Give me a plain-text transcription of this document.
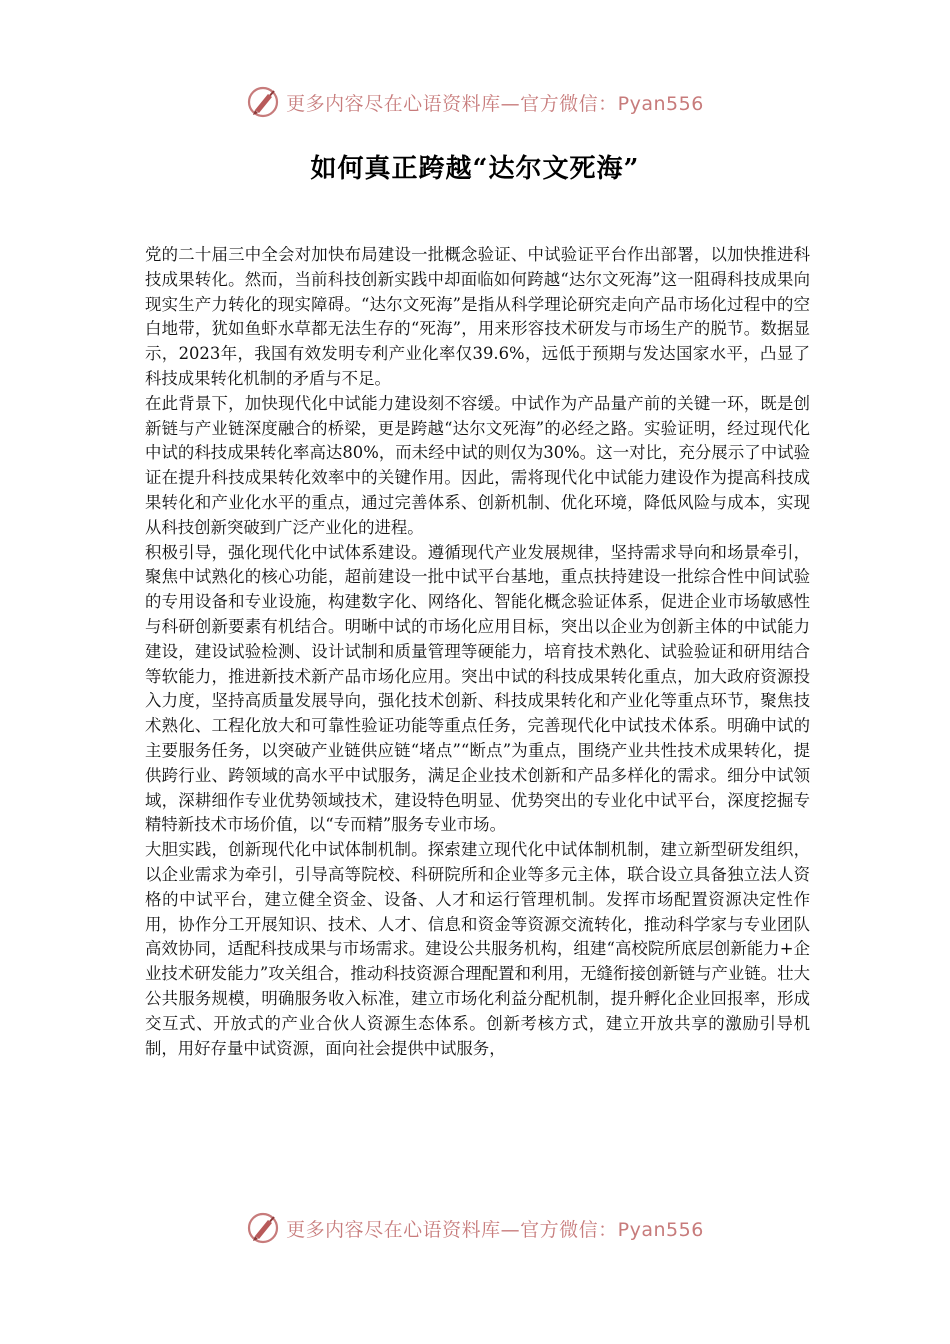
更多内容尽在心语资料库—官方微信：Pyan556
如何真正跨越“达尔文死海”

党的二十届三中全会对加快布局建设一批概念验证、中试验证平台作出部署，以加快推进科技成果转化。然而，当前科技创新实践中却面临如何跨越“达尔文死海”这一阻碍科技成果向现实生产力转化的现实障碍。“达尔文死海”是指从科学理论研究走向产品市场化过程中的空白地带，犹如鱼虾水草都无法生存的“死海”，用来形容技术研发与市场生产的脱节。数据显示，2023年，我国有效发明专利产业化率仅39.6%，远低于预期与发达国家水平，凸显了科技成果转化机制的矛盾与不足。

在此背景下，加快现代化中试能力建设刻不容缓。中试作为产品量产前的关键一环，既是创新链与产业链深度融合的桥梁，更是跨越“达尔文死海”的必经之路。实验证明，经过现代化中试的科技成果转化率高达80%，而未经中试的则仅为30%。这一对比，充分展示了中试验证在提升科技成果转化效率中的关键作用。因此，需将现代化中试能力建设作为提高科技成果转化和产业化水平的重点，通过完善体系、创新机制、优化环境，降低风险与成本，实现从科技创新突破到广泛产业化的进程。

积极引导，强化现代化中试体系建设。遵循现代产业发展规律，坚持需求导向和场景牵引，聚焦中试熟化的核心功能，超前建设一批中试平台基地，重点扶持建设一批综合性中间试验的专用设备和专业设施，构建数字化、网络化、智能化概念验证体系，促进企业市场敏感性与科研创新要素有机结合。明晰中试的市场化应用目标，突出以企业为创新主体的中试能力建设，建设试验检测、设计试制和质量管理等硬能力，培育技术熟化、试验验证和研用结合等软能力，推进新技术新产品市场化应用。突出中试的科技成果转化重点，加大政府资源投入力度，坚持高质量发展导向，强化技术创新、科技成果转化和产业化等重点环节，聚焦技术熟化、工程化放大和可靠性验证功能等重点任务，完善现代化中试技术体系。明确中试的主要服务任务，以突破产业链供应链“堵点”“断点”为重点，围绕产业共性技术成果转化，提供跨行业、跨领域的高水平中试服务，满足企业技术创新和产品多样化的需求。细分中试领域，深耕细作专业优势领域技术，建设特色明显、优势突出的专业化中试平台，深度挖掘专精特新技术市场价值，以“专而精”服务专业市场。

大胆实践，创新现代化中试体制机制。探索建立现代化中试体制机制，建立新型研发组织，以企业需求为牵引，引导高等院校、科研院所和企业等多元主体，联合设立具备独立法人资格的中试平台，建立健全资金、设备、人才和运行管理机制。发挥市场配置资源决定性作用，协作分工开展知识、技术、人才、信息和资金等资源交流转化，推动科学家与专业团队高效协同，适配科技成果与市场需求。建设公共服务机构，组建“高校院所底层创新能力+企业技术研发能力”攻关组合，推动科技资源合理配置和利用，无缝衔接创新链与产业链。壮大公共服务规模，明确服务收入标准，建立市场化利益分配机制，提升孵化企业回报率，形成交互式、开放式的产业合伙人资源生态体系。创新考核方式，建立开放共享的激励引导机制，用好存量中试资源，面向社会提供中试服务，

更多内容尽在心语资料库—官方微信：Pyan556
